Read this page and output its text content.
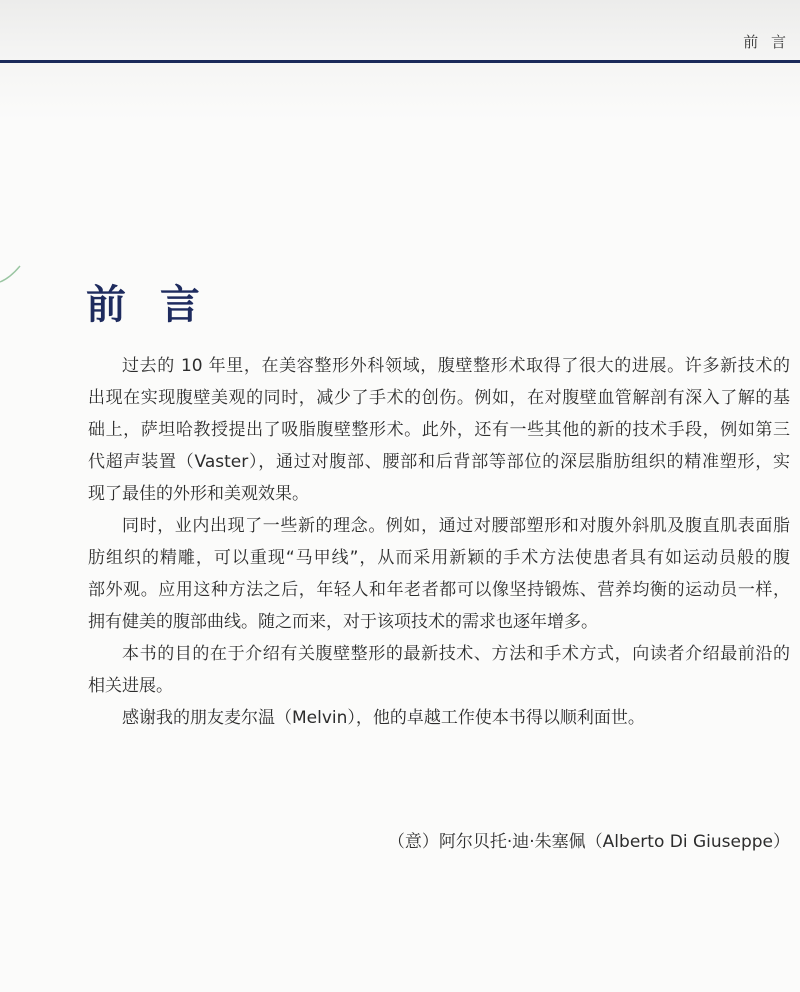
前 言
前 言
过去的 10 年里，在美容整形外科领域，腹壁整形术取得了很大的进展。许多新技术的
出现在实现腹壁美观的同时，减少了手术的创伤。例如，在对腹壁血管解剖有深入了解的基
础上，萨坦哈教授提出了吸脂腹壁整形术。此外，还有一些其他的新的技术手段，例如第三
代超声装置（Vaster），通过对腹部、腰部和后背部等部位的深层脂肪组织的精准塑形，实
现了最佳的外形和美观效果。
同时，业内出现了一些新的理念。例如，通过对腰部塑形和对腹外斜肌及腹直肌表面脂
肪组织的精雕，可以重现“马甲线”，从而采用新颖的手术方法使患者具有如运动员般的腹
部外观。应用这种方法之后，年轻人和年老者都可以像坚持锻炼、营养均衡的运动员一样，
拥有健美的腹部曲线。随之而来，对于该项技术的需求也逐年增多。
本书的目的在于介绍有关腹壁整形的最新技术、方法和手术方式，向读者介绍最前沿的
相关进展。
感谢我的朋友麦尔温（Melvin），他的卓越工作使本书得以顺利面世。
（意）阿尔贝托·迪·朱塞佩（Alberto Di Giuseppe）
